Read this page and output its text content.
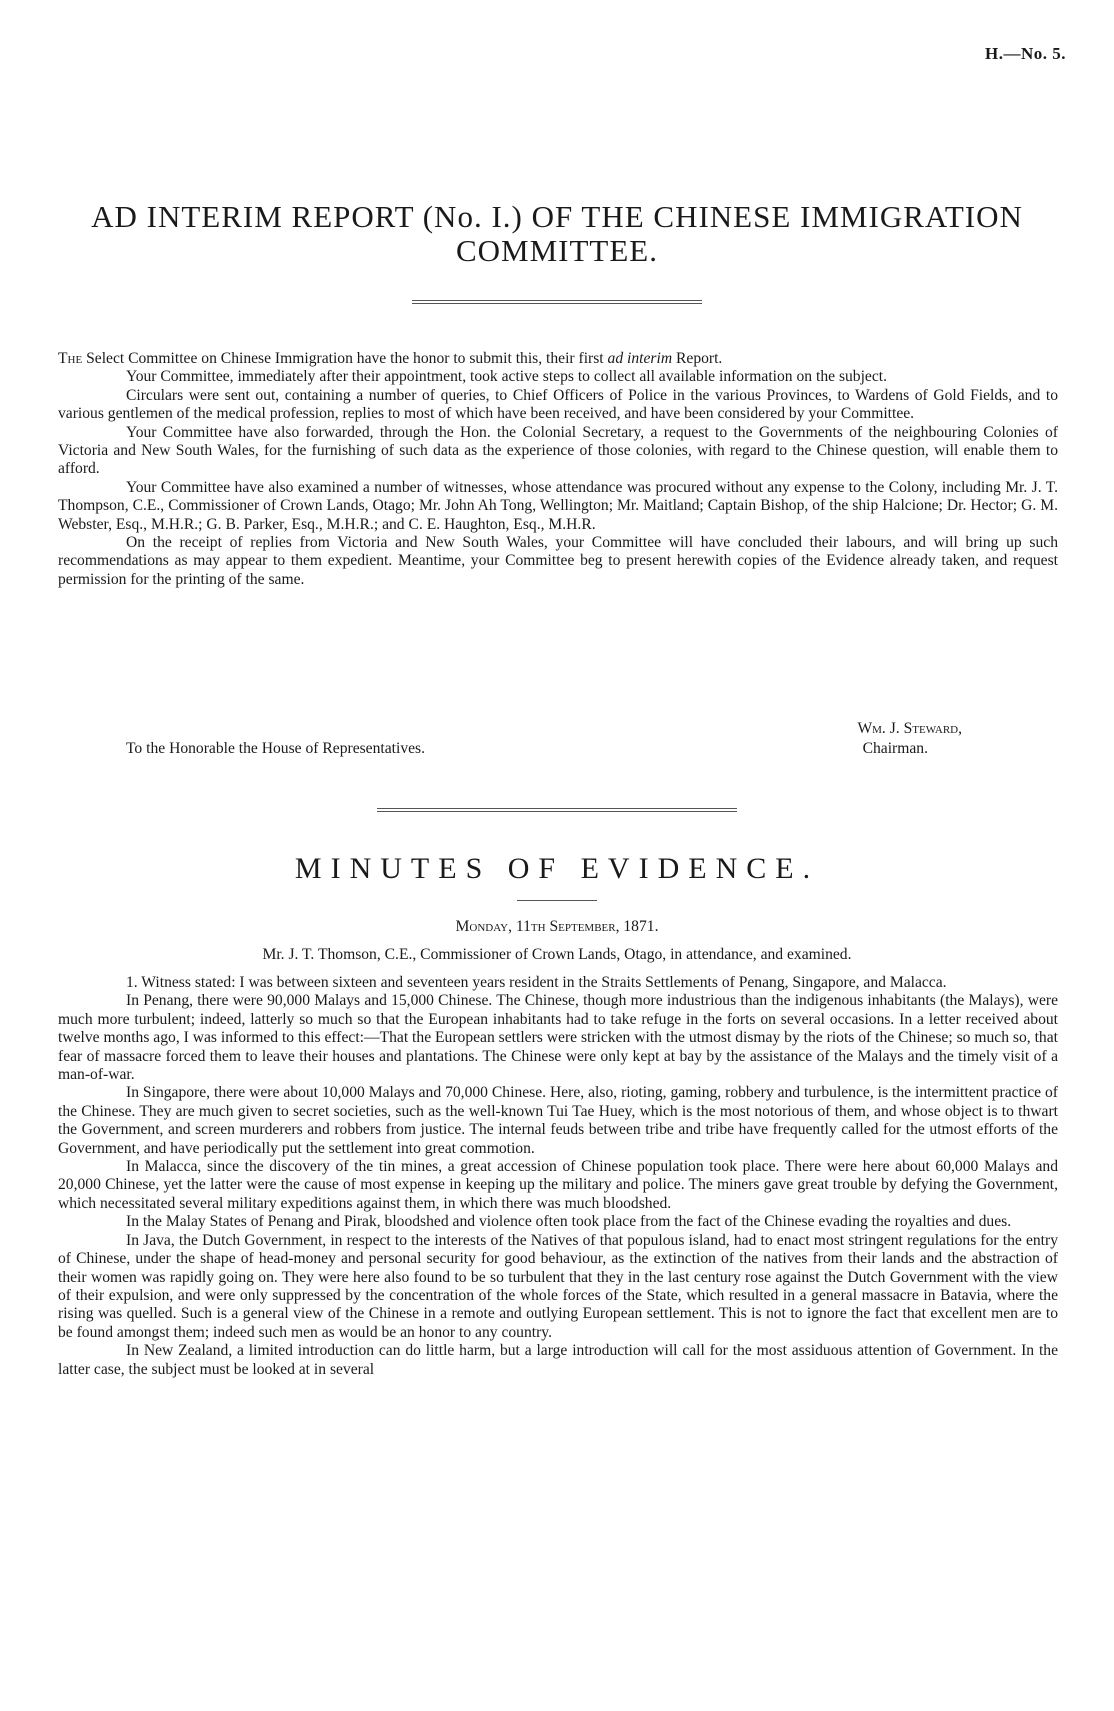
H.—No. 5.
AD INTERIM REPORT (No. I.) OF THE CHINESE IMMIGRATION
COMMITTEE.

The Select Committee on Chinese Immigration have the honor to submit this, their first ad interim Report.

Your Committee, immediately after their appointment, took active steps to collect all available information on the subject.

Circulars were sent out, containing a number of queries, to Chief Officers of Police in the various Provinces, to Wardens of Gold Fields, and to various gentlemen of the medical profession, replies to most of which have been received, and have been considered by your Committee.

Your Committee have also forwarded, through the Hon. the Colonial Secretary, a request to the Governments of the neighbouring Colonies of Victoria and New South Wales, for the furnishing of such data as the experience of those colonies, with regard to the Chinese question, will enable them to afford.

Your Committee have also examined a number of witnesses, whose attendance was procured without any expense to the Colony, including Mr. J. T. Thompson, C.E., Commissioner of Crown Lands, Otago; Mr. John Ah Tong, Wellington; Mr. Maitland; Captain Bishop, of the ship Halcione; Dr. Hector; G. M. Webster, Esq., M.H.R.; G. B. Parker, Esq., M.H.R.; and C. E. Haughton, Esq., M.H.R.

On the receipt of replies from Victoria and New South Wales, your Committee will have concluded their labours, and will bring up such recommendations as may appear to them expedient. Meantime, your Committee beg to present herewith copies of the Evidence already taken, and request permission for the printing of the same.

Wm. J. Steward,
To the Honorable the House of Representatives.	Chairman.
MINUTES OF EVIDENCE.
Monday, 11th September, 1871.
Mr. J. T. Thomson, C.E., Commissioner of Crown Lands, Otago, in attendance, and examined.

1. Witness stated: I was between sixteen and seventeen years resident in the Straits Settlements of Penang, Singapore, and Malacca.

In Penang, there were 90,000 Malays and 15,000 Chinese. The Chinese, though more industrious than the indigenous inhabitants (the Malays), were much more turbulent; indeed, latterly so much so that the European inhabitants had to take refuge in the forts on several occasions. In a letter received about twelve months ago, I was informed to this effect:—That the European settlers were stricken with the utmost dismay by the riots of the Chinese; so much so, that fear of massacre forced them to leave their houses and plantations. The Chinese were only kept at bay by the assistance of the Malays and the timely visit of a man-of-war.

In Singapore, there were about 10,000 Malays and 70,000 Chinese. Here, also, rioting, gaming, robbery and turbulence, is the intermittent practice of the Chinese. They are much given to secret societies, such as the well-known Tui Tae Huey, which is the most notorious of them, and whose object is to thwart the Government, and screen murderers and robbers from justice. The internal feuds between tribe and tribe have frequently called for the utmost efforts of the Government, and have periodically put the settlement into great commotion.

In Malacca, since the discovery of the tin mines, a great accession of Chinese population took place. There were here about 60,000 Malays and 20,000 Chinese, yet the latter were the cause of most expense in keeping up the military and police. The miners gave great trouble by defying the Government, which necessitated several military expeditions against them, in which there was much bloodshed.

In the Malay States of Penang and Pirak, bloodshed and violence often took place from the fact of the Chinese evading the royalties and dues.

In Java, the Dutch Government, in respect to the interests of the Natives of that populous island, had to enact most stringent regulations for the entry of Chinese, under the shape of head-money and personal security for good behaviour, as the extinction of the natives from their lands and the abstraction of their women was rapidly going on. They were here also found to be so turbulent that they in the last century rose against the Dutch Government with the view of their expulsion, and were only suppressed by the concentration of the whole forces of the State, which resulted in a general massacre in Batavia, where the rising was quelled. Such is a general view of the Chinese in a remote and outlying European settlement. This is not to ignore the fact that excellent men are to be found amongst them; indeed such men as would be an honor to any country.

In New Zealand, a limited introduction can do little harm, but a large introduction will call for the most assiduous attention of Government. In the latter case, the subject must be looked at in several
